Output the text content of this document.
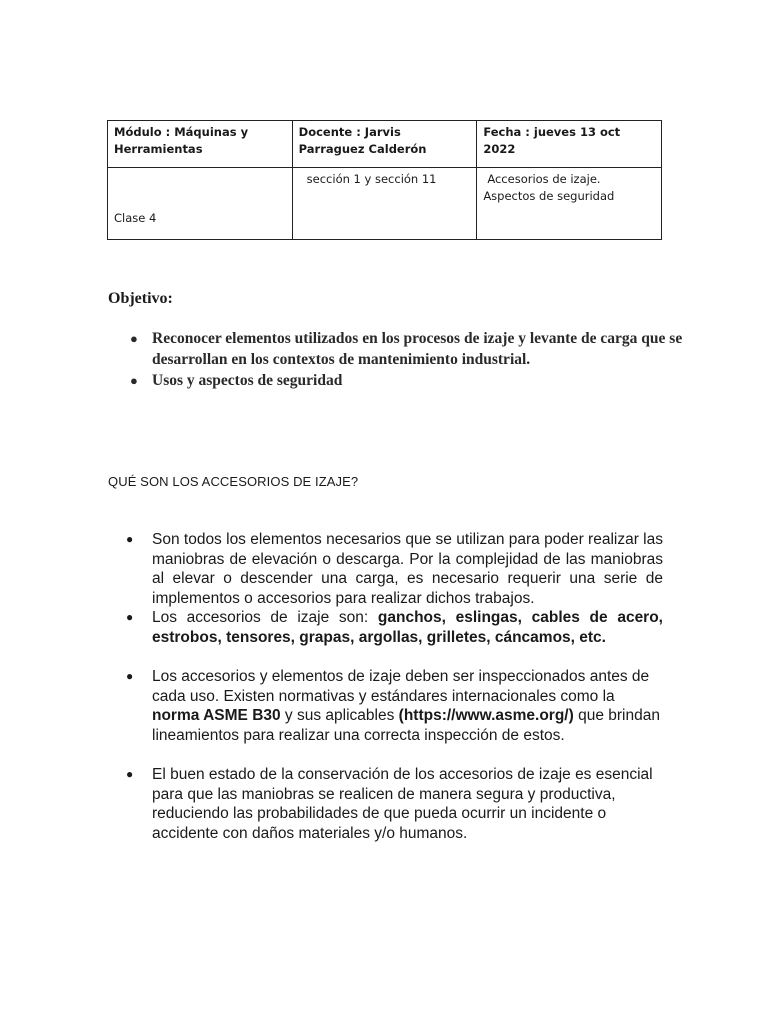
Módulo : Máquinas y Herramientas	Docente : Jarvis Parraguez Calderón	Fecha : jueves 13 oct 2022
Clase 4	sección 1 y sección 11	Accesorios de izaje. Aspectos de seguridad
Objetivo:
● Reconocer elementos utilizados en los procesos de izaje y levante de carga que se desarrollan en los contextos de mantenimiento industrial.
● Usos y aspectos de seguridad

QUÉ SON LOS ACCESORIOS DE IZAJE?

● Son todos los elementos necesarios que se utilizan para poder realizar las maniobras de elevación o descarga. Por la complejidad de las maniobras al elevar o descender una carga, es necesario requerir una serie de implementos o accesorios para realizar dichos trabajos.
● Los accesorios de izaje son: ganchos, eslingas, cables de acero, estrobos, tensores, grapas, argollas, grilletes, cáncamos, etc.
● Los accesorios y elementos de izaje deben ser inspeccionados antes de cada uso. Existen normativas y estándares internacionales como la norma ASME B30 y sus aplicables (https://www.asme.org/) que brindan lineamientos para realizar una correcta inspección de estos.
● El buen estado de la conservación de los accesorios de izaje es esencial para que las maniobras se realicen de manera segura y productiva, reduciendo las probabilidades de que pueda ocurrir un incidente o accidente con daños materiales y/o humanos.
